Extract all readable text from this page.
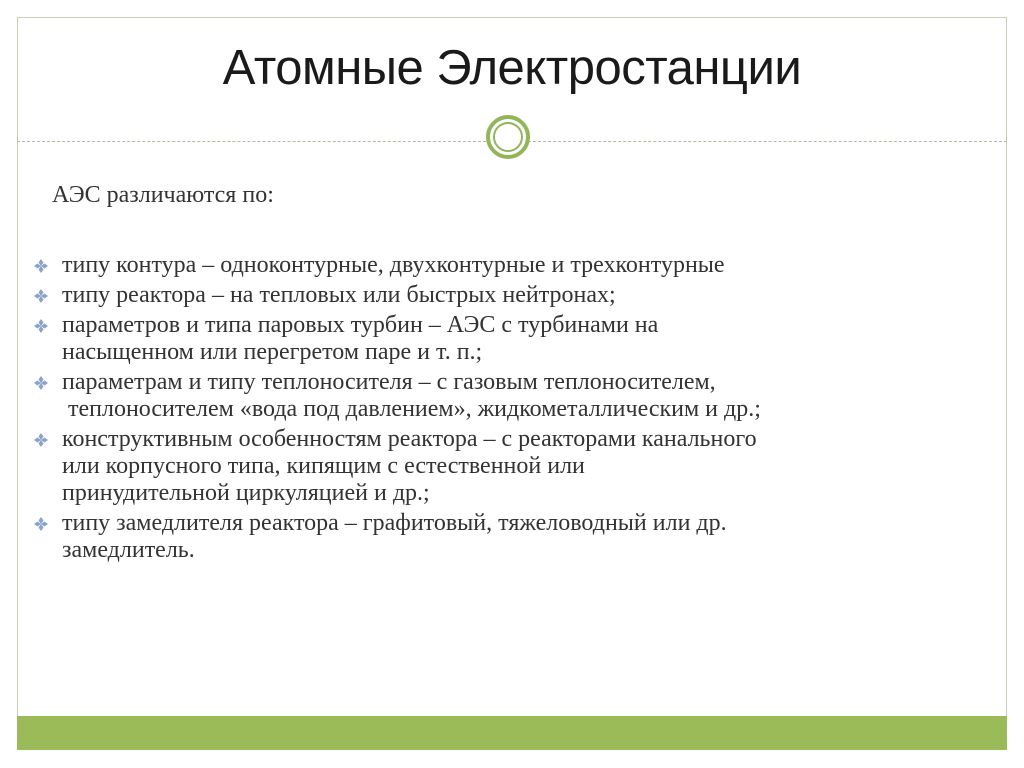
Атомные Электростанции
АЭС различаются по:
типу контура – одноконтурные, двухконтурные и трехконтурные
типу реактора – на тепловых или быстрых нейтронах;
параметров и типа паровых турбин – АЭС с турбинами на
насыщенном или перегретом паре и т. п.;
параметрам и типу теплоносителя – с газовым теплоносителем,

теплоносителем «вода под давлением», жидкометаллическим и др.;
конструктивным особенностям реактора – с реакторами канального
или корпусного типа, кипящим с естественной или
принудительной циркуляцией и др.;
типу замедлителя реактора – графитовый, тяжеловодный или др.
замедлитель.
